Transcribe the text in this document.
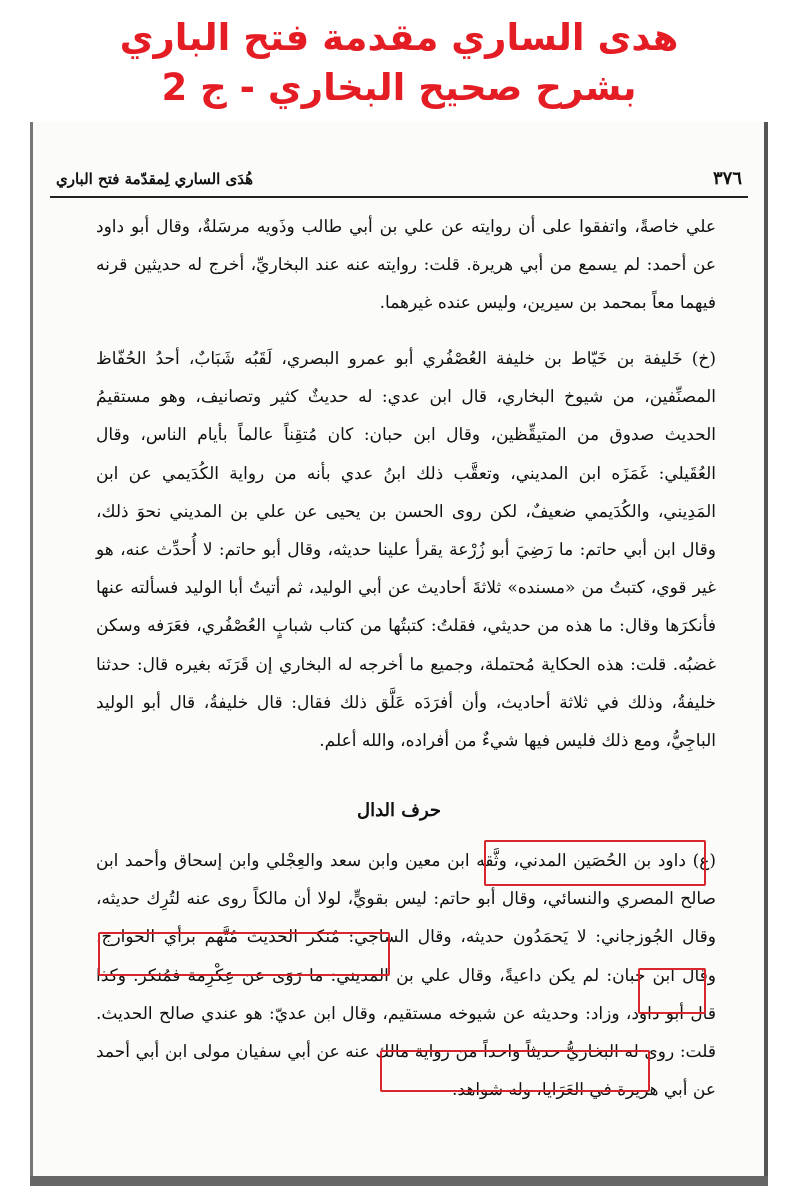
هدى الساري مقدمة فتح الباري
بشرح صحيح البخاري - ج 2
٣٧٦
هُدَى الساري لِمقدّمة فتح الباري

علي خاصةً، واتفقوا على أن روايته عن علي بن أبي طالب وذَويه مرسَلةٌ، وقال أبو داود عن أحمد: لم يسمع من أبي هريرة. قلت: روايته عنه عند البخاريِّ، أخرج له حديثين قرنه فيهما معاً بمحمد بن سيرين، وليس عنده غيرهما.

(خ) خَليفة بن خَيّاط بن خليفة العُصْفُري أبو عمرو البصري، لَقَبُه شَبَابٌ، أحدُ الحُفّاظ المصنِّفين، من شيوخ البخاري، قال ابن عدي: له حديثٌ كثير وتصانيف، وهو مستقيمُ الحديث صدوق من المتيقِّظين، وقال ابن حبان: كان مُتقِناً عالماً بأيام الناس، وقال العُقَيلي: غَمَزَه ابن المديني، وتعقَّب ذلك ابنُ عدي بأنه من رواية الكُدَيمي عن ابن المَدِيني، والكُدَيمي ضعيفٌ، لكن روى الحسن بن يحيى عن علي بن المديني نحوَ ذلك، وقال ابن أبي حاتم: ما رَضِيَ أبو زُرْعة يقرأ علينا حديثه، وقال أبو حاتم: لا أُحدِّث عنه، هو غير قوي، كتبتُ من «مسنده» ثلاثةَ أحاديث عن أبي الوليد، ثم أتيتُ أبا الوليد فسألته عنها فأنكرَها وقال: ما هذه من حديثي، فقلتُ: كتبتُها من كتاب شبابٍ العُصْفُري، فعَرَفه وسكن غضبُه. قلت: هذه الحكاية مُحتملة، وجميع ما أخرجه له البخاري إن قَرَنَه بغيره قال: حدثنا خليفةُ، وذلك في ثلاثة أحاديث، وأن أفرَدَه عَلَّق ذلك فقال: قال خليفةُ، قال أبو الوليد الباجِيُّ، ومع ذلك فليس فيها شيءٌ من أفراده، والله أعلم.

حرف الدال

(ع) داود بن الحُصَين المدني، وثَّقه ابن معين وابن سعد والعِجْلي وابن إسحاق وأحمد ابن صالح المصري والنسائي، وقال أبو حاتم: ليس بقويٍّ، لولا أن مالكاً روى عنه لتُرِك حديثه، وقال الجُوزجاني: لا يَحمَدُون حديثه، وقال الساجي: مُنكر الحديث مُتَّهم برأي الخوارج، وقال ابن حبان: لم يكن داعيةً، وقال علي بن المديني: ما رَوَى عن عِكْرِمة فمُنكر. وكذا قال أبو داود، وزاد: وحديثه عن شيوخه مستقيم، وقال ابن عديّ: هو عندي صالح الحديث. قلت: روى له البخاريُّ حديثاً واحداً من رواية مالك عنه عن أبي سفيان مولى ابن أبي أحمد عن أبي هريرة في العَرَايا، وله شواهد.
